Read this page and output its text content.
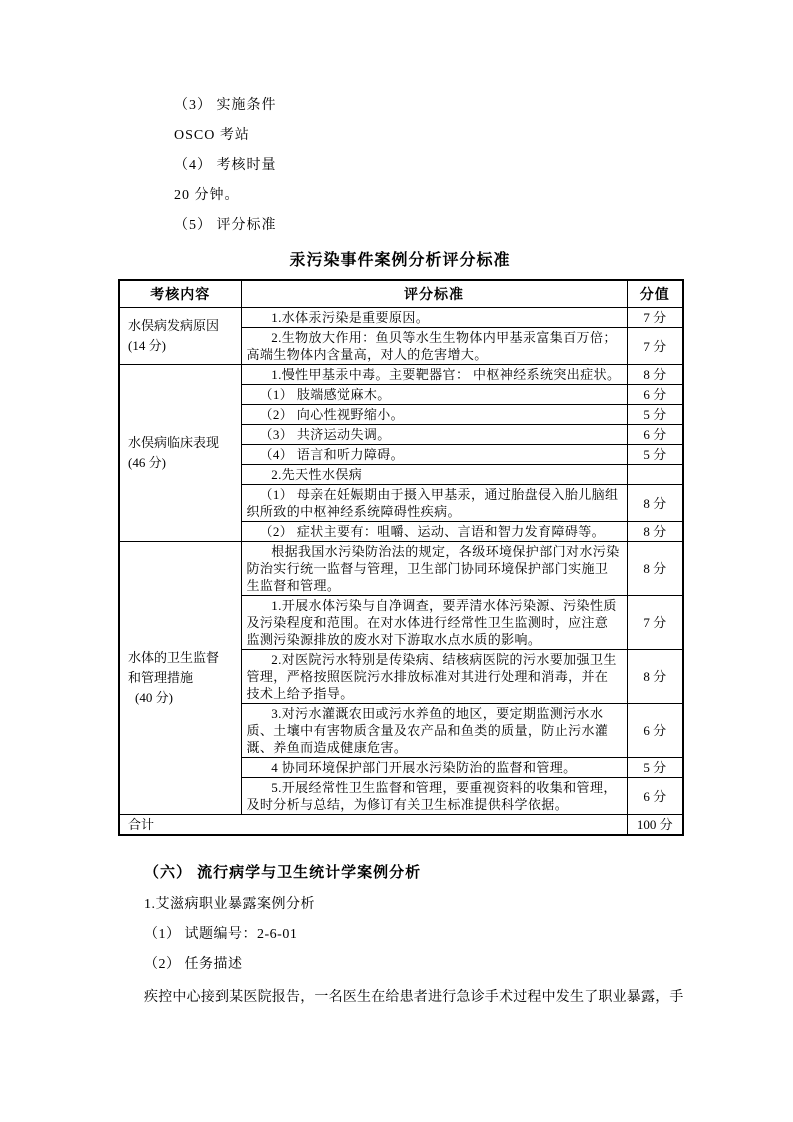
（3） 实施条件

OSCO 考站

（4） 考核时量

20 分钟。

（5） 评分标准

汞污染事件案例分析评分标准
考核内容	评分标准	分值

水俣病发病原因
(14 分)	1.水体汞污染是重要原因。	7 分
	2.生物放大作用：鱼贝等水生生物体内甲基汞富集百万倍；高端生物体内含量高，对人的危害增大。	7 分

水俣病临床表现
(46 分)	1.慢性甲基汞中毒。主要靶器官： 中枢神经系统突出症状。	8 分
	（1） 肢端感觉麻木。	6 分
	（2） 向心性视野缩小。	5 分
	（3） 共济运动失调。	6 分
	（4） 语言和听力障碍。	5 分
	2.先天性水俣病	
	（1） 母亲在妊娠期由于摄入甲基汞，通过胎盘侵入胎儿脑组织所致的中枢神经系统障碍性疾病。	8 分
	（2） 症状主要有：咀嚼、运动、言语和智力发育障碍等。	8 分

水体的卫生监督
和管理措施
(40 分)	根据我国水污染防治法的规定，各级环境保护部门对水污染防治实行统一监督与管理，卫生部门协同环境保护部门实施卫生监督和管理。	8 分
	1.开展水体污染与自净调查，要弄清水体污染源、污染性质及污染程度和范围。在对水体进行经常性卫生监测时，应注意监测污染源排放的废水对下游取水点水质的影响。	7 分
	2.对医院污水特别是传染病、结核病医院的污水要加强卫生管理，严格按照医院污水排放标准对其进行处理和消毒，并在技术上给予指导。	8 分
	3.对污水灌溉农田或污水养鱼的地区，要定期监测污水水质、土壤中有害物质含量及农产品和鱼类的质量，防止污水灌溉、养鱼而造成健康危害。	6 分
	4 协同环境保护部门开展水污染防治的监督和管理。	5 分
	5.开展经常性卫生监督和管理，要重视资料的收集和管理，及时分析与总结，为修订有关卫生标准提供科学依据。	6 分
合计		100 分
（六） 流行病学与卫生统计学案例分析

1.艾滋病职业暴露案例分析

（1） 试题编号：2-6-01

（2） 任务描述

疾控中心接到某医院报告，一名医生在给患者进行急诊手术过程中发生了职业暴露，手
